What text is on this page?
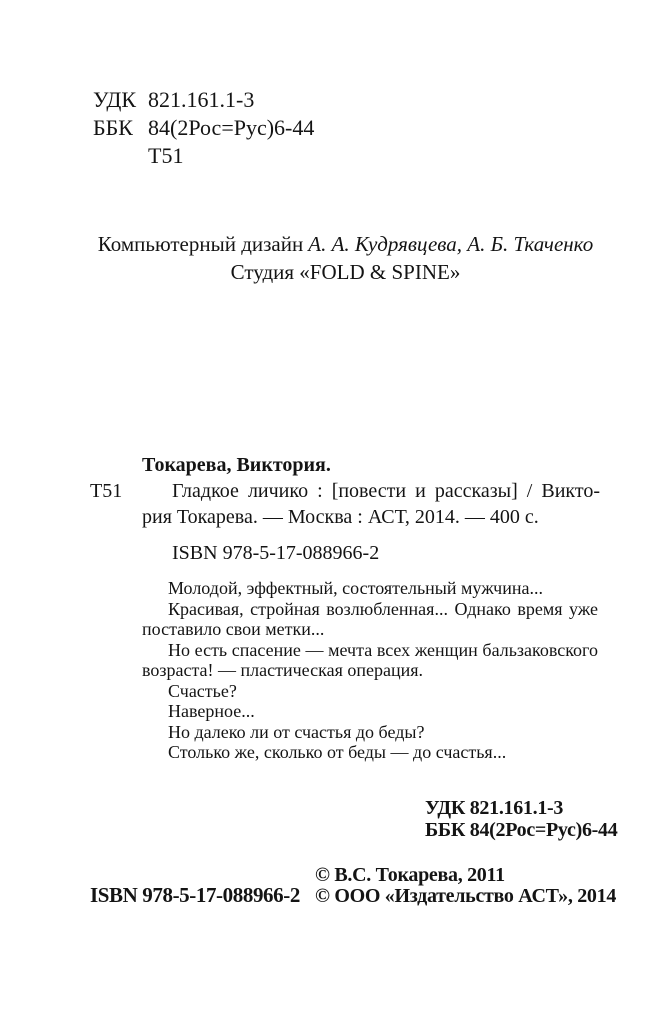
УДК 821.161.1-3
ББК 84(2Рос=Рус)6-44
Т51
Компьютерный дизайн А. А. Кудрявцева, А. Б. Ткаченко
Студия «FOLD & SPINE»
Токарева, Виктория.
Т51 Гладкое личико : [повести и рассказы] / Викто-
рия Токарева. — Москва : АСТ, 2014. — 400 с.
ISBN 978-5-17-088966-2
Молодой, эффектный, состоятельный мужчина...
Красивая, стройная возлюбленная... Однако время уже
поставило свои метки...
Но есть спасение — мечта всех женщин бальзаковского
возраста! — пластическая операция.
Счастье?
Наверное...
Но далеко ли от счастья до беды?
Столько же, сколько от беды — до счастья...
УДК 821.161.1-3
ББК 84(2Рос=Рус)6-44
© В.С. Токарева, 2011
ISBN 978-5-17-088966-2 © ООО «Издательство АСТ», 2014
